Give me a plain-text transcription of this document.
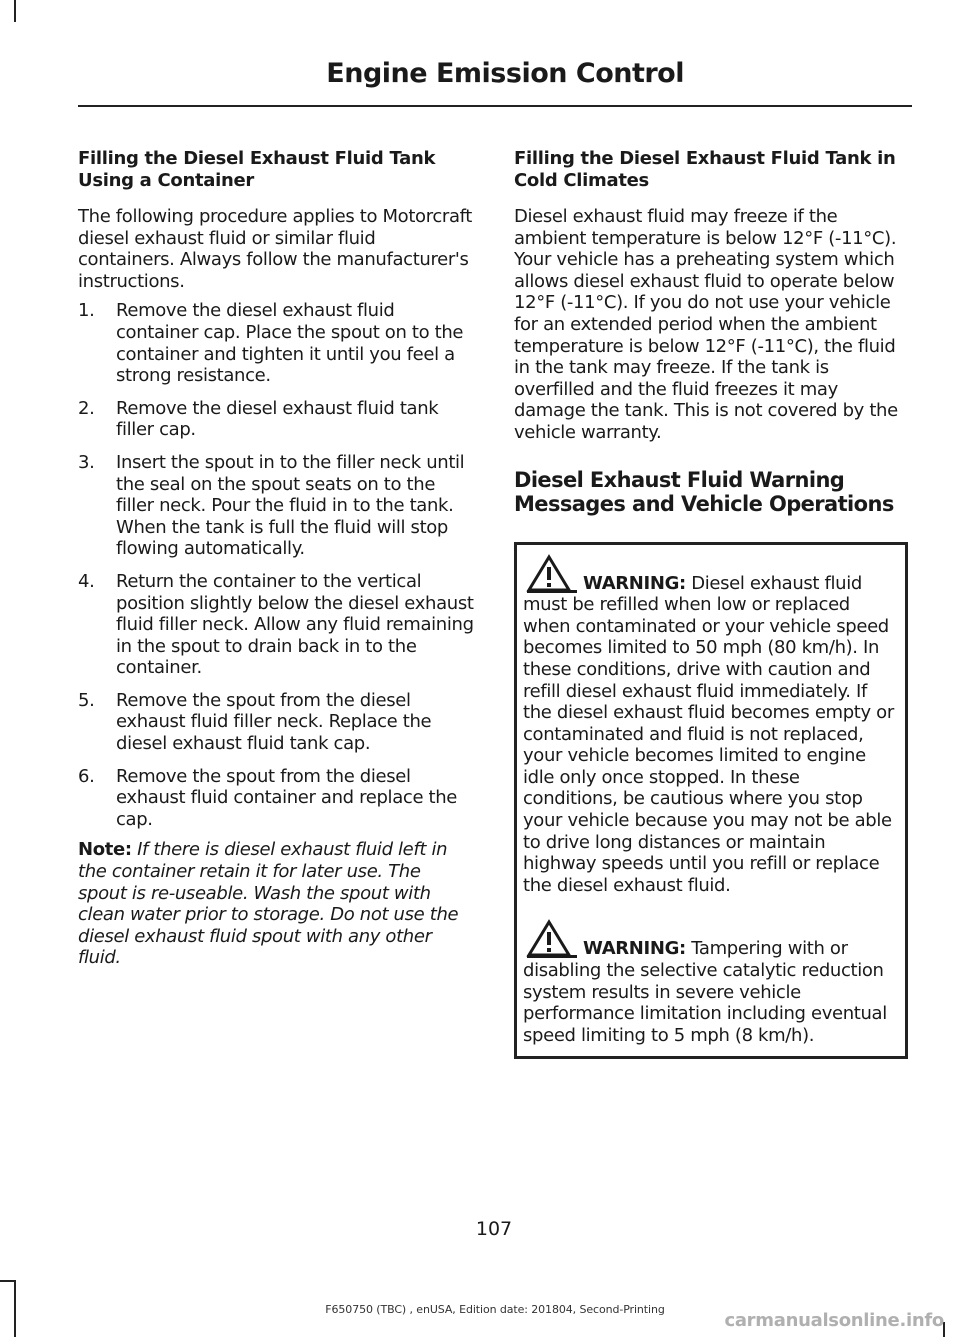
Engine Emission Control
Filling the Diesel Exhaust Fluid Tank Using a Container

The following procedure applies to Motorcraft diesel exhaust fluid or similar fluid containers. Always follow the manufacturer's instructions.

1. Remove the diesel exhaust fluid container cap. Place the spout on to the container and tighten it until you feel a strong resistance.
2. Remove the diesel exhaust fluid tank filler cap.
3. Insert the spout in to the filler neck until the seal on the spout seats on to the filler neck. Pour the fluid in to the tank. When the tank is full the fluid will stop flowing automatically.
4. Return the container to the vertical position slightly below the diesel exhaust fluid filler neck. Allow any fluid remaining in the spout to drain back in to the container.
5. Remove the spout from the diesel exhaust fluid filler neck. Replace the diesel exhaust fluid tank cap.
6. Remove the spout from the diesel exhaust fluid container and replace the cap.

Note: If there is diesel exhaust fluid left in the container retain it for later use. The spout is re-useable. Wash the spout with clean water prior to storage. Do not use the diesel exhaust fluid spout with any other fluid.

Filling the Diesel Exhaust Fluid Tank in Cold Climates

Diesel exhaust fluid may freeze if the ambient temperature is below 12°F (-11°C). Your vehicle has a preheating system which allows diesel exhaust fluid to operate below 12°F (-11°C). If you do not use your vehicle for an extended period when the ambient temperature is below 12°F (-11°C), the fluid in the tank may freeze. If the tank is overfilled and the fluid freezes it may damage the tank. This is not covered by the vehicle warranty.

Diesel Exhaust Fluid Warning Messages and Vehicle Operations
WARNING: Diesel exhaust fluid must be refilled when low or replaced when contaminated or your vehicle speed becomes limited to 50 mph (80 km/h). In these conditions, drive with caution and refill diesel exhaust fluid immediately. If the diesel exhaust fluid becomes empty or contaminated and fluid is not replaced, your vehicle becomes limited to engine idle only once stopped. In these conditions, be cautious where you stop your vehicle because you may not be able to drive long distances or maintain highway speeds until you refill or replace the diesel exhaust fluid.
WARNING: Tampering with or disabling the selective catalytic reduction system results in severe vehicle performance limitation including eventual speed limiting to 5 mph (8 km/h).
107
F650750 (TBC) , enUSA, Edition date: 201804, Second-Printing
carmanualsonline.info
